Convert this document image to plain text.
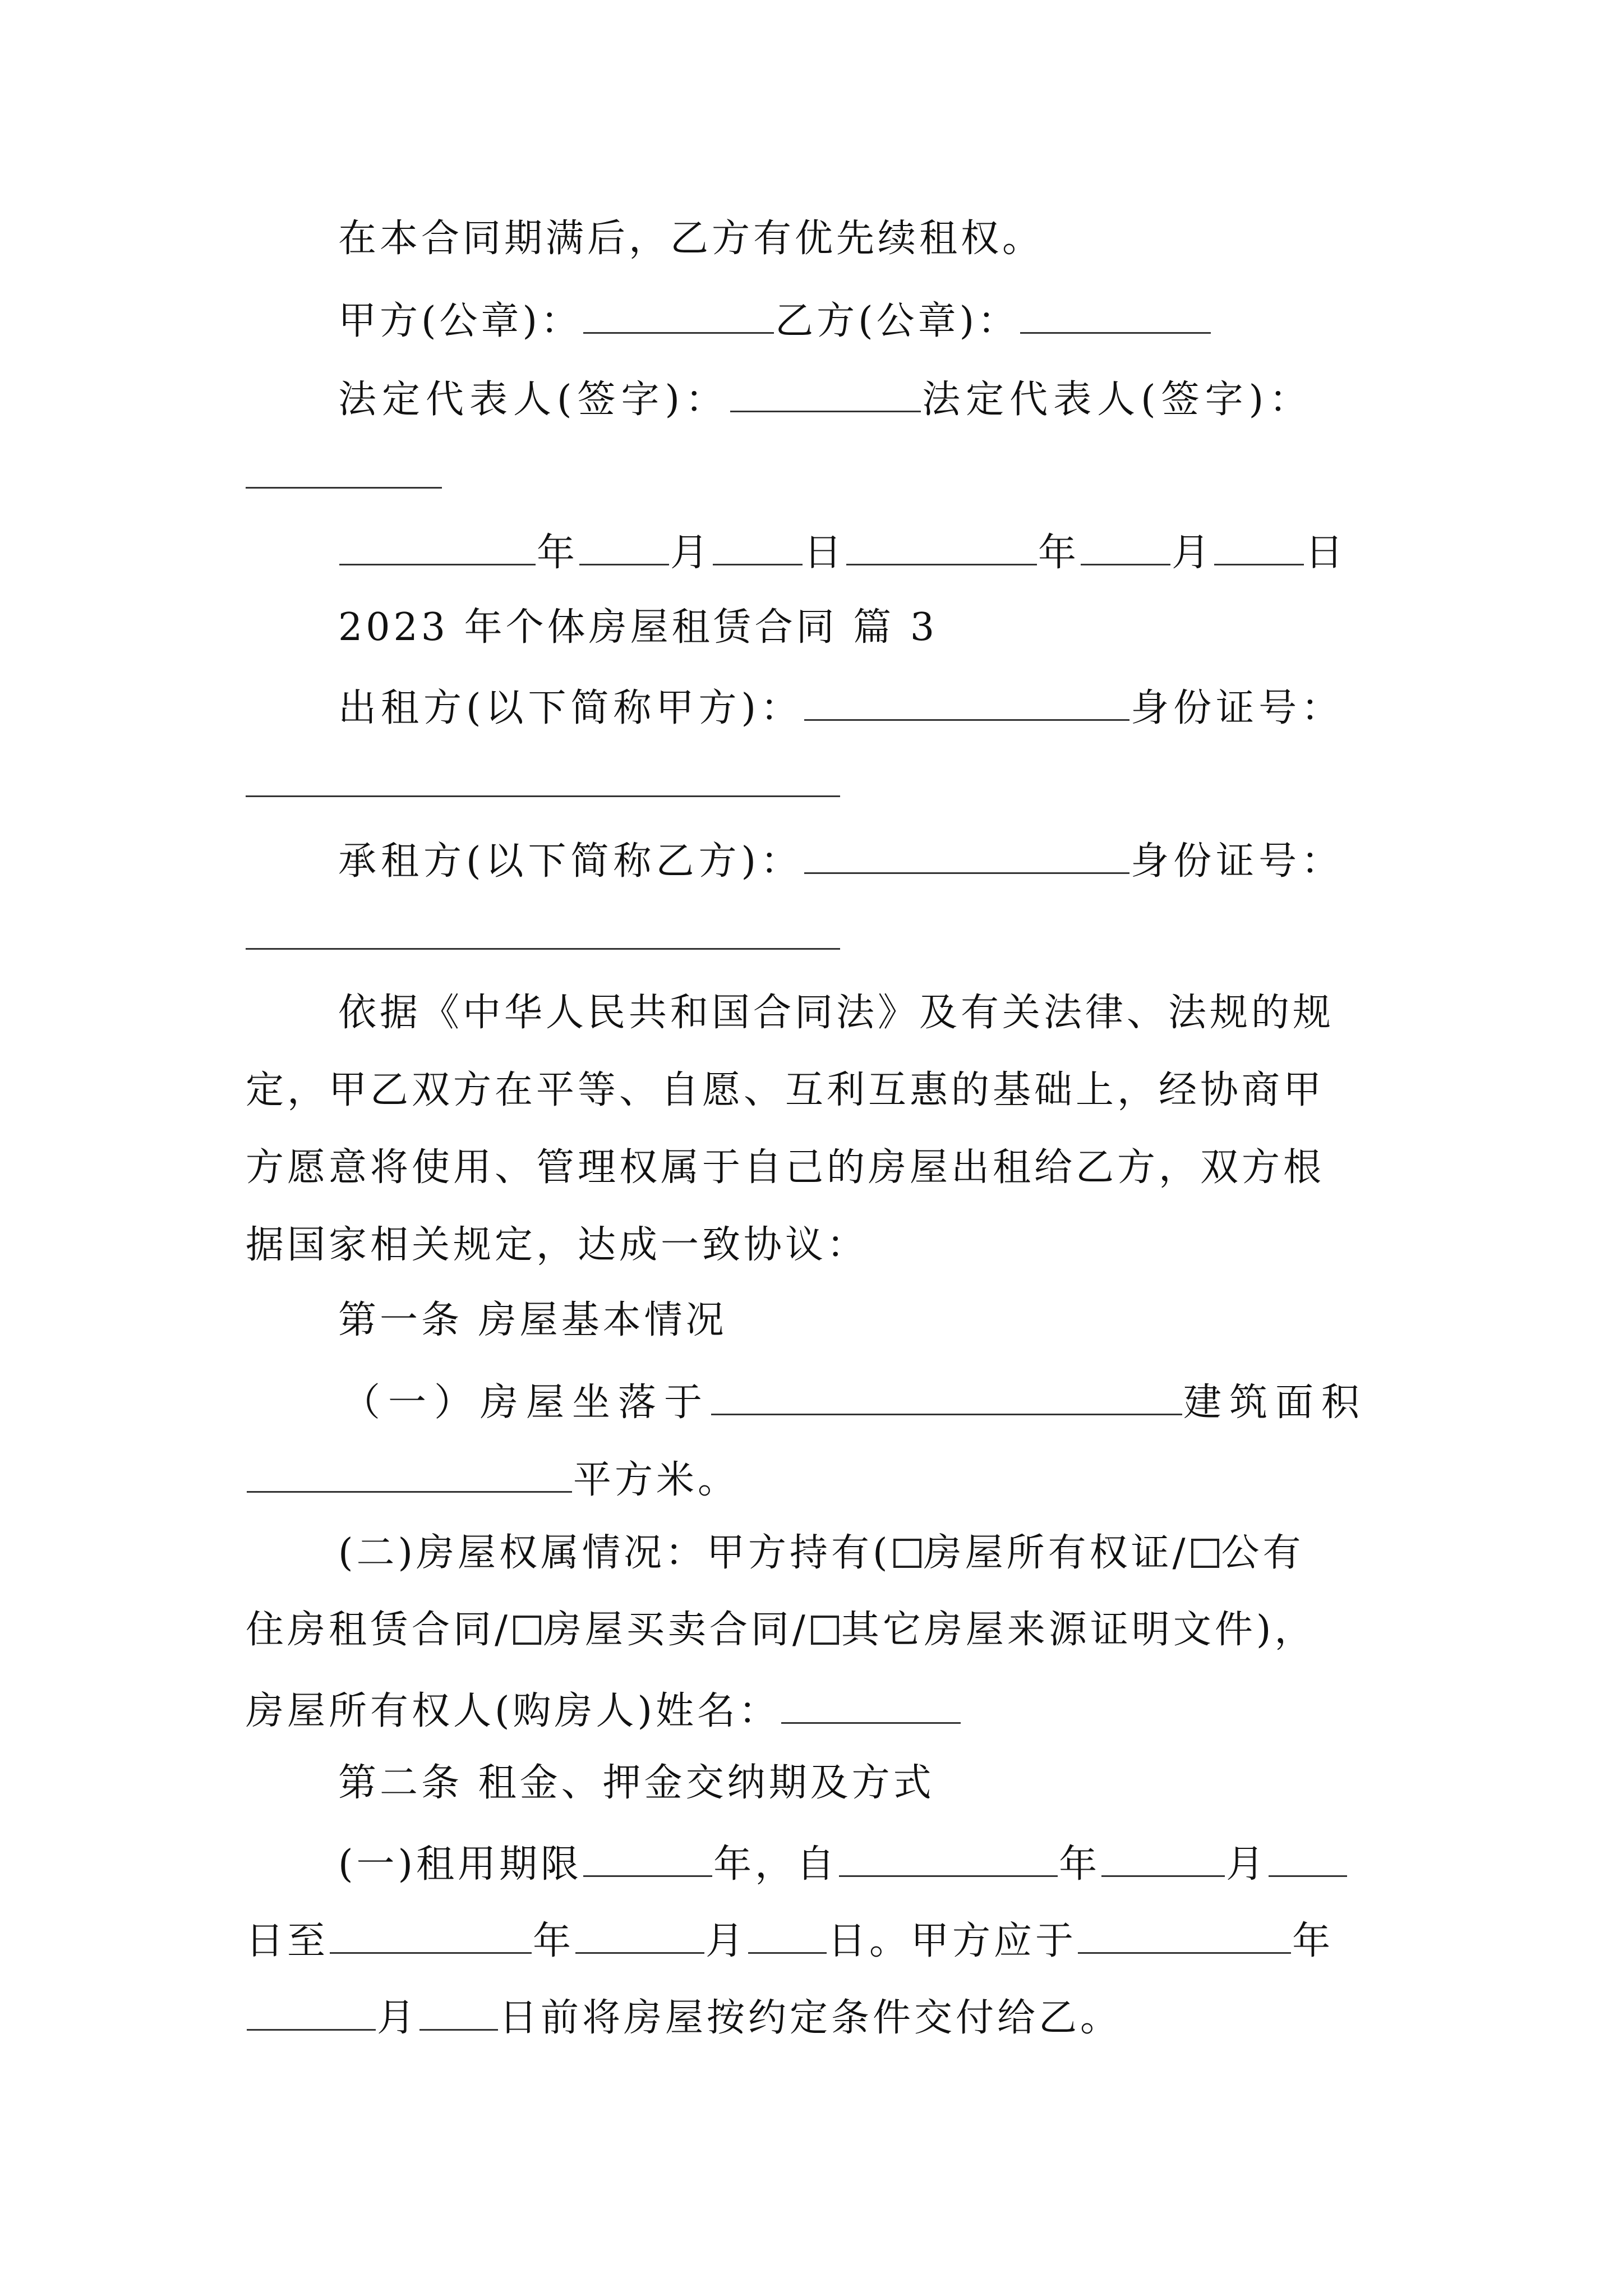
在本合同期满后，乙方有优先续租权。
甲方(公章)：	乙方(公章)：
法定代表人(签字)：	法定代表人(签字)：
年 月 日	年 月 日
2023 年个体房屋租赁合同 篇 3
出租方(以下简称甲方)：	身份证号：
承租方(以下简称乙方)：	身份证号：
依据《中华人民共和国合同法》及有关法律、法规的规
定，甲乙双方在平等、自愿、互利互惠的基础上，经协商甲
方愿意将使用、管理权属于自己的房屋出租给乙方，双方根
据国家相关规定，达成一致协议：
第一条 房屋基本情况
（一）房屋坐落于	建筑面积
平方米。
(二)房屋权属情况：甲方持有( 房屋所有权证/ 公有
住房租赁合同/ 房屋买卖合同/ 其它房屋来源证明文件)，
房屋所有权人(购房人)姓名：
第二条 租金、押金交纳期及方式
(一)租用期限	年，自	年	月
日至	年	月 日。甲方应于	年
月 日前将房屋按约定条件交付给乙。
